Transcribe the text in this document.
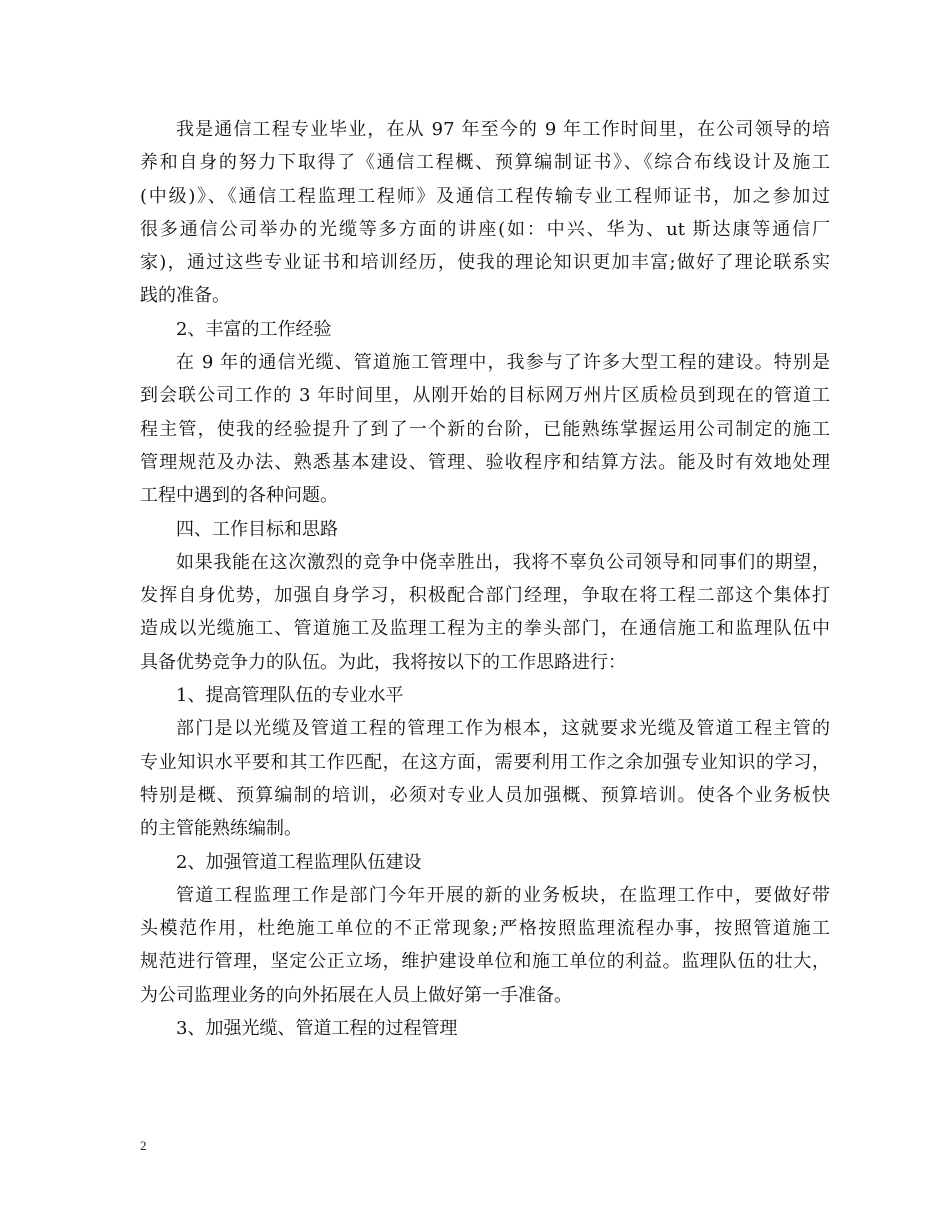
我是通信工程专业毕业，在从 97 年至今的 9 年工作时间里，在公司领导的培
养和自身的努力下取得了《通信工程概、预算编制证书》、《综合布线设计及施工
(中级)》、《通信工程监理工程师》及通信工程传输专业工程师证书，加之参加过
很多通信公司举办的光缆等多方面的讲座(如：中兴、华为、ut 斯达康等通信厂
家)，通过这些专业证书和培训经历，使我的理论知识更加丰富;做好了理论联系实
践的准备。
2、丰富的工作经验
在 9 年的通信光缆、管道施工管理中，我参与了许多大型工程的建设。特别是
到会联公司工作的 3 年时间里，从刚开始的目标网万州片区质检员到现在的管道工
程主管，使我的经验提升了到了一个新的台阶，已能熟练掌握运用公司制定的施工
管理规范及办法、熟悉基本建设、管理、验收程序和结算方法。能及时有效地处理
工程中遇到的各种问题。
四、工作目标和思路
如果我能在这次激烈的竞争中侥幸胜出，我将不辜负公司领导和同事们的期望，
发挥自身优势，加强自身学习，积极配合部门经理，争取在将工程二部这个集体打
造成以光缆施工、管道施工及监理工程为主的拳头部门，在通信施工和监理队伍中
具备优势竞争力的队伍。为此，我将按以下的工作思路进行：
1、提高管理队伍的专业水平
部门是以光缆及管道工程的管理工作为根本，这就要求光缆及管道工程主管的
专业知识水平要和其工作匹配，在这方面，需要利用工作之余加强专业知识的学习，
特别是概、预算编制的培训，必须对专业人员加强概、预算培训。使各个业务板快
的主管能熟练编制。
2、加强管道工程监理队伍建设
管道工程监理工作是部门今年开展的新的业务板块，在监理工作中，要做好带
头模范作用，杜绝施工单位的不正常现象;严格按照监理流程办事，按照管道施工
规范进行管理，坚定公正立场，维护建设单位和施工单位的利益。监理队伍的壮大，
为公司监理业务的向外拓展在人员上做好第一手准备。
3、加强光缆、管道工程的过程管理
2
